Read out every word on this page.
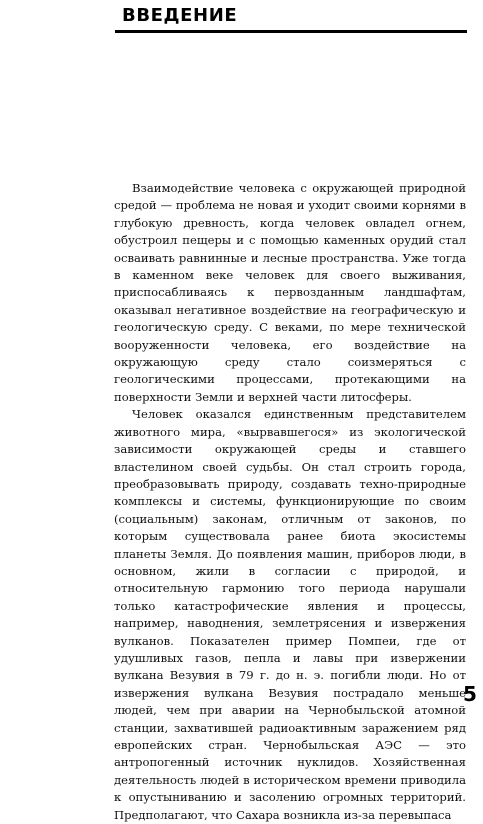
ВВЕДЕНИЕ

Взаимодействие человека с окружающей природной средой — проблема не новая и уходит своими корнями в глубокую древность, когда человек овладел огнем, обустроил пещеры и с помощью каменных орудий стал осваивать равнинные и лесные пространства. Уже тогда в каменном веке человек для своего выживания, приспосабливаясь к первозданным ландшафтам, оказывал негативное воздействие на географическую и геологическую среду. С веками, по мере технической вооруженности человека, его воздействие на окружающую среду стало соизмеряться с геологическими процессами, протекающими на поверхности Земли и верхней части литосферы.

Человек оказался единственным представителем животного мира, «вырвавшегося» из экологической зависимости окружающей среды и ставшего властелином своей судьбы. Он стал строить города, преобразовывать природу, создавать техно-природные комплексы и системы, функционирующие по своим (социальным) законам, отличным от законов, по которым существовала ранее биота экосистемы планеты Земля. До появления машин, приборов люди, в основном, жили в согласии с природой, и относительную гармонию того периода нарушали только катастрофические явления и процессы, например, наводнения, землетрясения и извержения вулканов. Показателен пример Помпеи, где от удушливых газов, пепла и лавы при извержении вулкана Везувия в 79 г. до н. э. погибли люди. Но от извержения вулкана Везувия пострадало меньше людей, чем при аварии на Чернобыльской атомной станции, захватившей радиоактивным заражением ряд европейских стран. Чернобыльская АЭС — это антропогенный источник нуклидов. Хозяйственная деятельность людей в историческом времени приводила к опустыниванию и засолению огромных территорий. Предполагают, что Сахара возникла из-за перевыпаса

5
